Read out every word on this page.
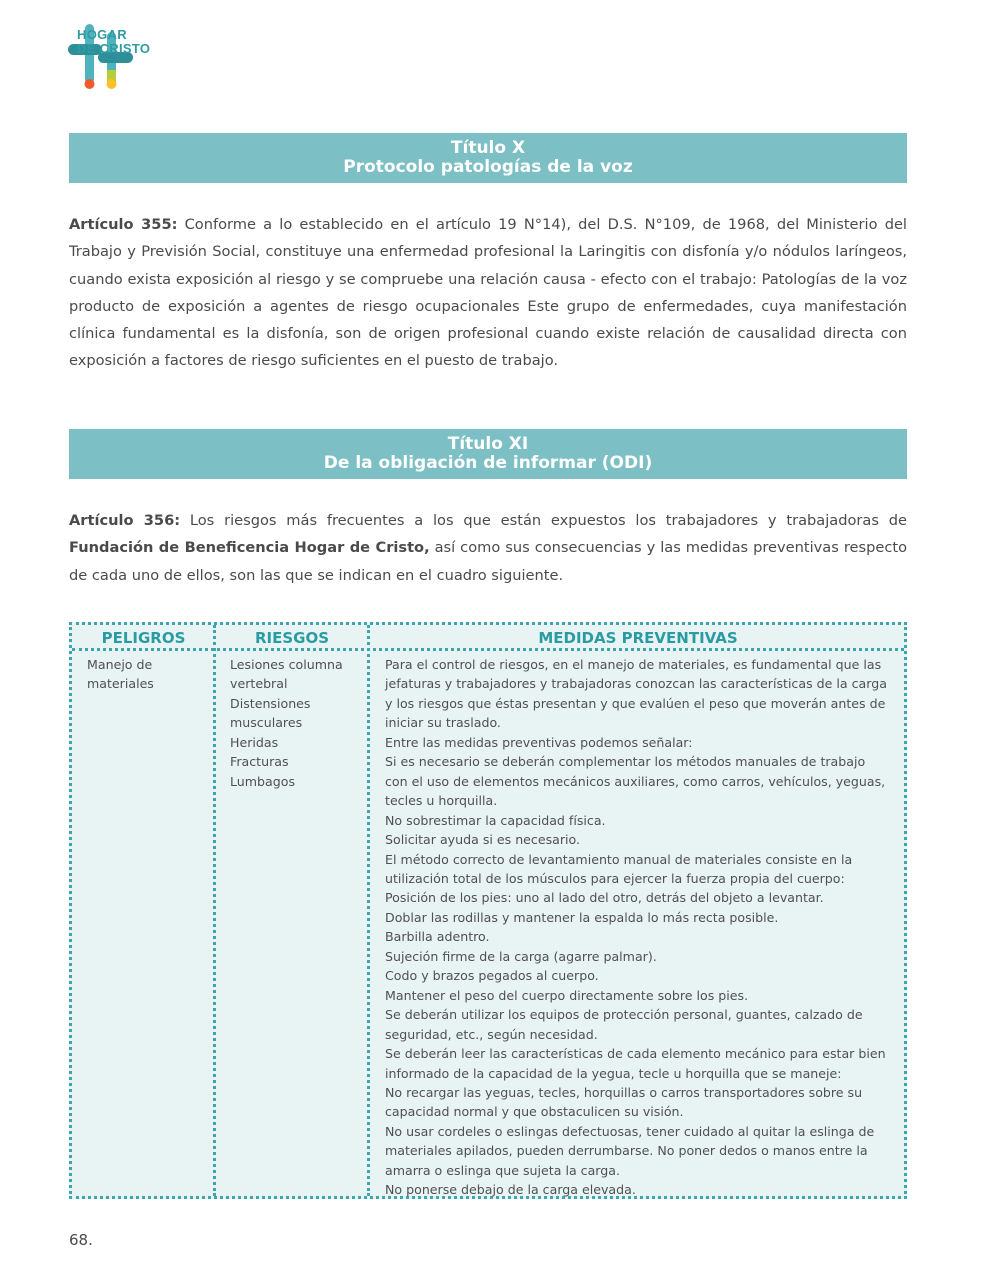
HOGAR
DE CRISTO
Título X
Protocolo patologías de la voz
Artículo 355: Conforme a lo establecido en el artículo 19 N°14), del D.S. N°109, de 1968, del Ministerio del Trabajo y Previsión Social, constituye una enfermedad profesional la Laringitis con disfonía y/o nódulos laríngeos, cuando exista exposición al riesgo y se compruebe una relación causa - efecto con el trabajo: Patologías de la voz producto de exposición a agentes de riesgo ocupacionales Este grupo de enfermedades, cuya manifestación clínica fundamental es la disfonía, son de origen profesional cuando existe relación de causalidad directa con exposición a factores de riesgo suficientes en el puesto de trabajo.
Título XI
De la obligación de informar (ODI)
Artículo 356: Los riesgos más frecuentes a los que están expuestos los trabajadores y trabajadoras de Fundación de Beneficencia Hogar de Cristo, así como sus consecuencias y las medidas preventivas respecto de cada uno de ellos, son las que se indican en el cuadro siguiente.
PELIGROS	RIESGOS	MEDIDAS PREVENTIVAS
Manejo de
materiales
Lesiones columna
vertebral
Distensiones
musculares
Heridas
Fracturas
Lumbagos
Para el control de riesgos, en el manejo de materiales, es fundamental que las
jefaturas y trabajadores y trabajadoras conozcan las características de la carga
y los riesgos que éstas presentan y que evalúen el peso que moverán antes de
iniciar su traslado.
Entre las medidas preventivas podemos señalar:
Si es necesario se deberán complementar los métodos manuales de trabajo
con el uso de elementos mecánicos auxiliares, como carros, vehículos, yeguas,
tecles u horquilla.
No sobrestimar la capacidad física.
Solicitar ayuda si es necesario.
El método correcto de levantamiento manual de materiales consiste en la
utilización total de los músculos para ejercer la fuerza propia del cuerpo:
Posición de los pies: uno al lado del otro, detrás del objeto a levantar.
Doblar las rodillas y mantener la espalda lo más recta posible.
Barbilla adentro.
Sujeción firme de la carga (agarre palmar).
Codo y brazos pegados al cuerpo.
Mantener el peso del cuerpo directamente sobre los pies.
Se deberán utilizar los equipos de protección personal, guantes, calzado de
seguridad, etc., según necesidad.
Se deberán leer las características de cada elemento mecánico para estar bien
informado de la capacidad de la yegua, tecle u horquilla que se maneje:
No recargar las yeguas, tecles, horquillas o carros transportadores sobre su
capacidad normal y que obstaculicen su visión.
No usar cordeles o eslingas defectuosas, tener cuidado al quitar la eslinga de
materiales apilados, pueden derrumbarse. No poner dedos o manos entre la
amarra o eslinga que sujeta la carga.
No ponerse debajo de la carga elevada.
68.
